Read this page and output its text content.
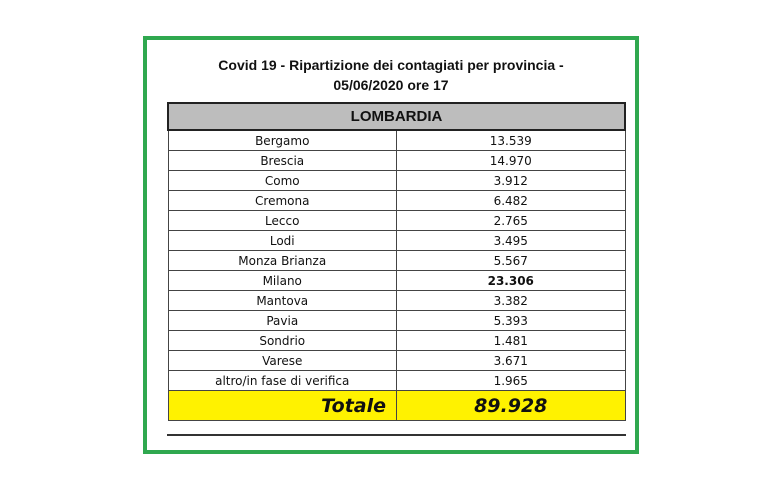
Covid 19 - Ripartizione dei contagiati per provincia -
05/06/2020 ore 17
LOMBARDIA	
Bergamo	13.539
Brescia	14.970
Como	3.912
Cremona	6.482
Lecco	2.765
Lodi	3.495
Monza Brianza	5.567
Milano	23.306
Mantova	3.382
Pavia	5.393
Sondrio	1.481
Varese	3.671
altro/in fase di verifica	1.965
Totale	89.928
